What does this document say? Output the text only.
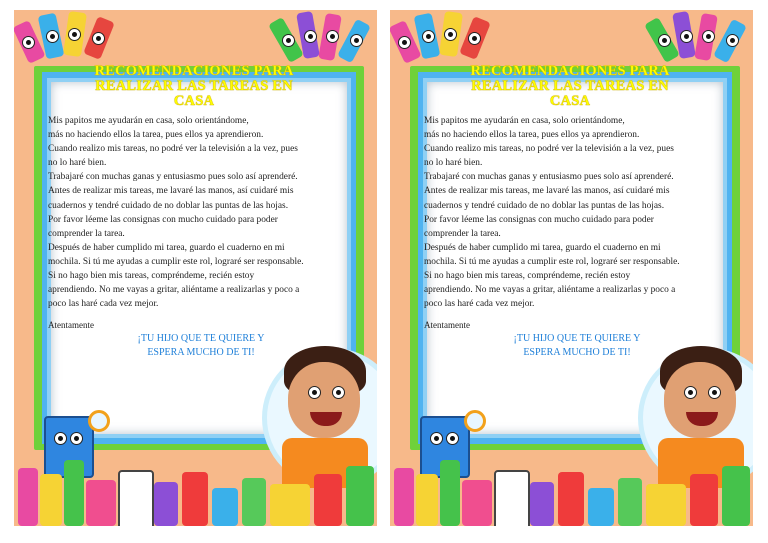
RECOMENDACIONES PARA
REALIZAR LAS TAREAS EN CASA
Mis papitos me ayudarán en casa, solo orientándome,
más no haciendo ellos la tarea, pues ellos ya aprendieron.
Cuando realizo mis tareas, no podré ver la televisión a la vez, pues
no lo haré bien.
Trabajaré con muchas ganas y entusiasmo pues solo así aprenderé.
Antes de realizar mis tareas, me lavaré las manos, así cuidaré mis
cuadernos y tendré cuidado de no doblar las puntas de las hojas.
Por favor léeme las consignas con mucho cuidado para poder
comprender la tarea.
Después de haber cumplido mi tarea, guardo el cuaderno en mi
mochila. Si tú me ayudas a cumplir este rol, lograré ser responsable.
Si no hago bien mis tareas, compréndeme, recién estoy
aprendiendo. No me vayas a gritar, aliéntame a realizarlas y poco a
poco las haré cada vez mejor.
Atentamente
¡TU HIJO QUE TE QUIERE Y
ESPERA MUCHO DE TI!
RECOMENDACIONES PARA
REALIZAR LAS TAREAS EN CASA
Mis papitos me ayudarán en casa, solo orientándome,
más no haciendo ellos la tarea, pues ellos ya aprendieron.
Cuando realizo mis tareas, no podré ver la televisión a la vez, pues
no lo haré bien.
Trabajaré con muchas ganas y entusiasmo pues solo así aprenderé.
Antes de realizar mis tareas, me lavaré las manos, así cuidaré mis
cuadernos y tendré cuidado de no doblar las puntas de las hojas.
Por favor léeme las consignas con mucho cuidado para poder
comprender la tarea.
Después de haber cumplido mi tarea, guardo el cuaderno en mi
mochila. Si tú me ayudas a cumplir este rol, lograré ser responsable.
Si no hago bien mis tareas, compréndeme, recién estoy
aprendiendo. No me vayas a gritar, aliéntame a realizarlas y poco a
poco las haré cada vez mejor.
Atentamente
¡TU HIJO QUE TE QUIERE Y
ESPERA MUCHO DE TI!
